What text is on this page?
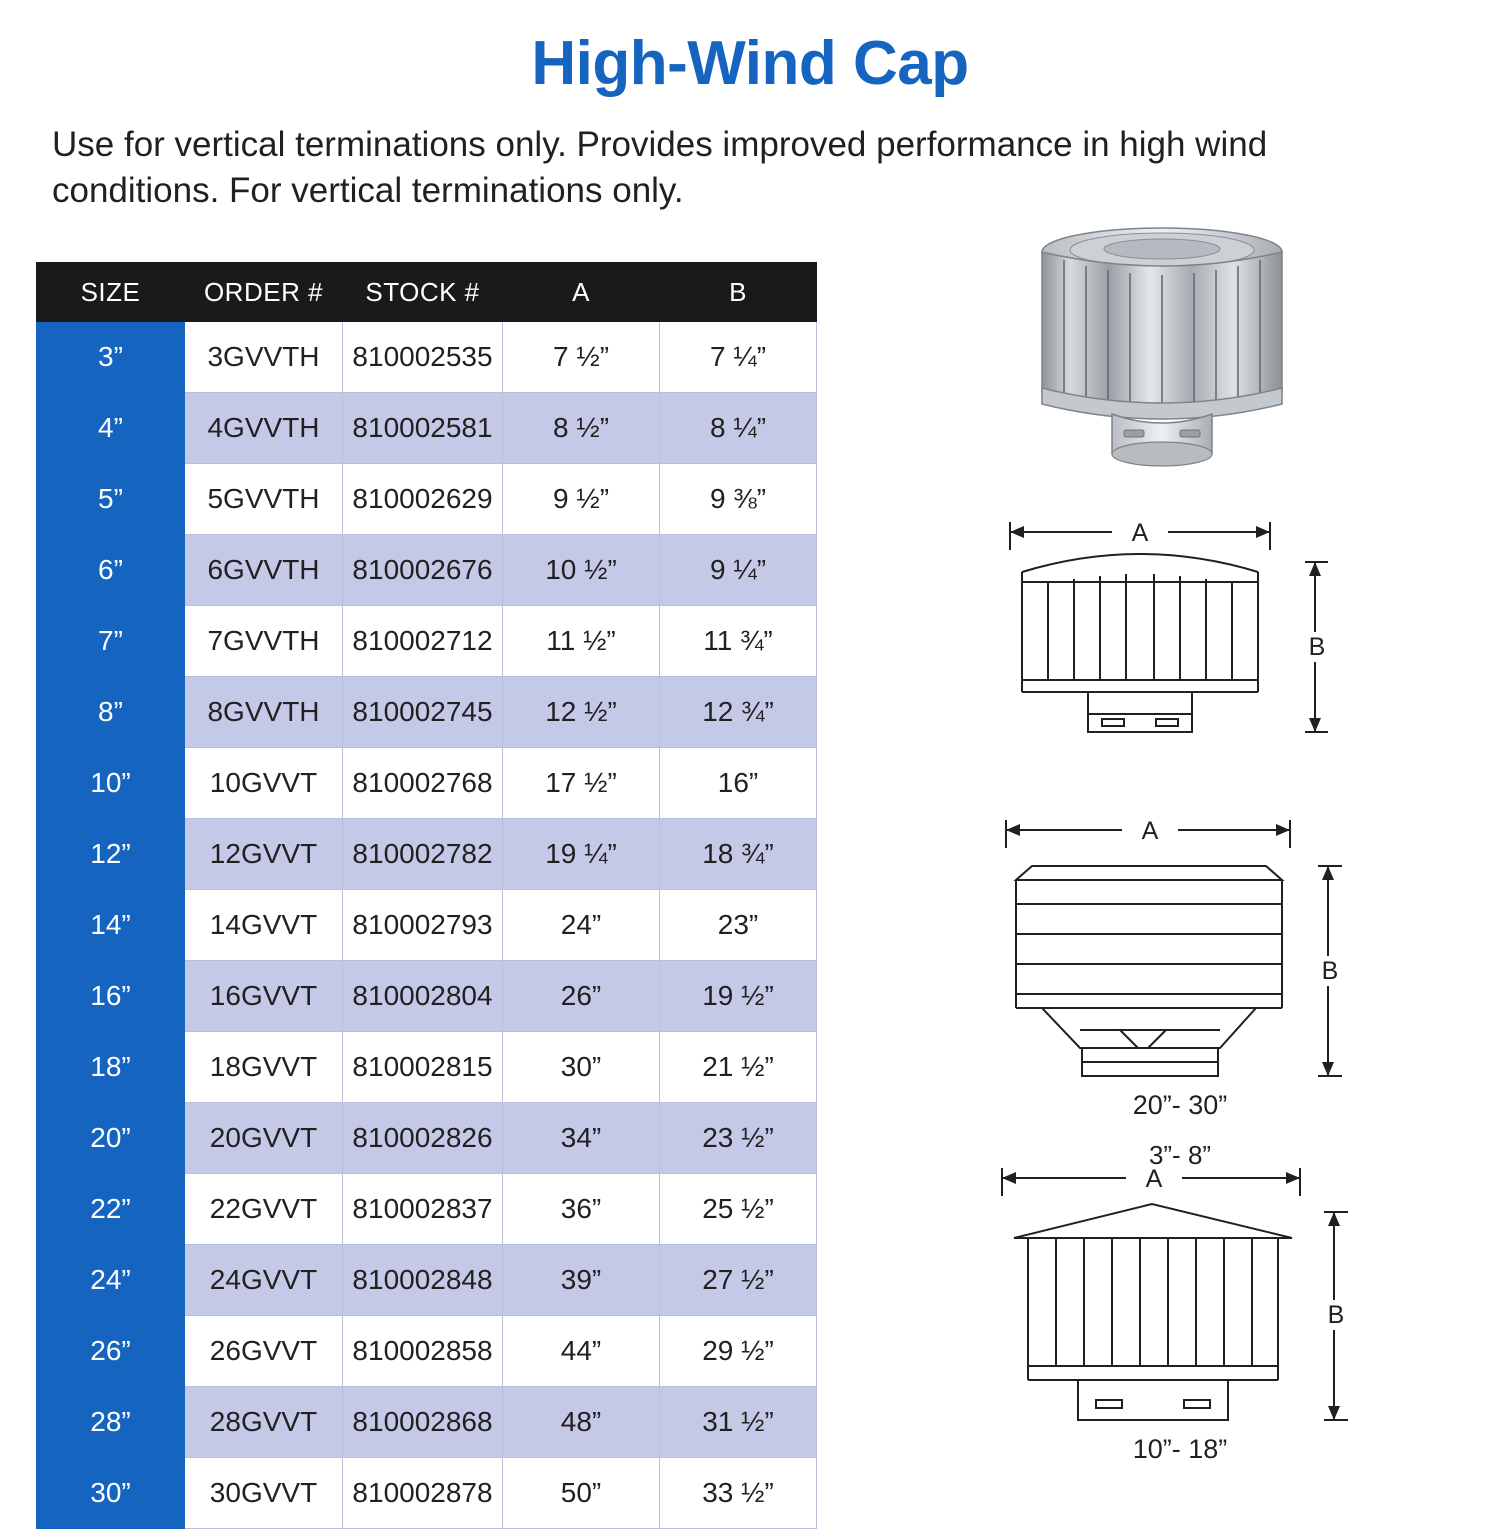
High-Wind Cap
Use for vertical terminations only. Provides improved performance in high wind conditions. For vertical terminations only.
SIZE	ORDER #	STOCK #	A	B
3”	3GVVTH	810002535	7 ½”	7 ¼”
4”	4GVVTH	810002581	8 ½”	8 ¼”
5”	5GVVTH	810002629	9 ½”	9 ⅜”
6”	6GVVTH	810002676	10 ½”	9 ¼”
7”	7GVVTH	810002712	11 ½”	11 ¾”
8”	8GVVTH	810002745	12 ½”	12 ¾”
10”	10GVVT	810002768	17 ½”	16”
12”	12GVVT	810002782	19 ¼”	18 ¾”
14”	14GVVT	810002793	24”	23”
16”	16GVVT	810002804	26”	19 ½”
18”	18GVVT	810002815	30”	21 ½”
20”	20GVVT	810002826	34”	23 ½”
22”	22GVVT	810002837	36”	25 ½”
24”	24GVVT	810002848	39”	27 ½”
26”	26GVVT	810002858	44”	29 ½”
28”	28GVVT	810002868	48”	31 ½”
30”	30GVVT	810002878	50”	33 ½”
A
B
A
B
20”- 30”
3”- 8”
A
B
10”- 18”
